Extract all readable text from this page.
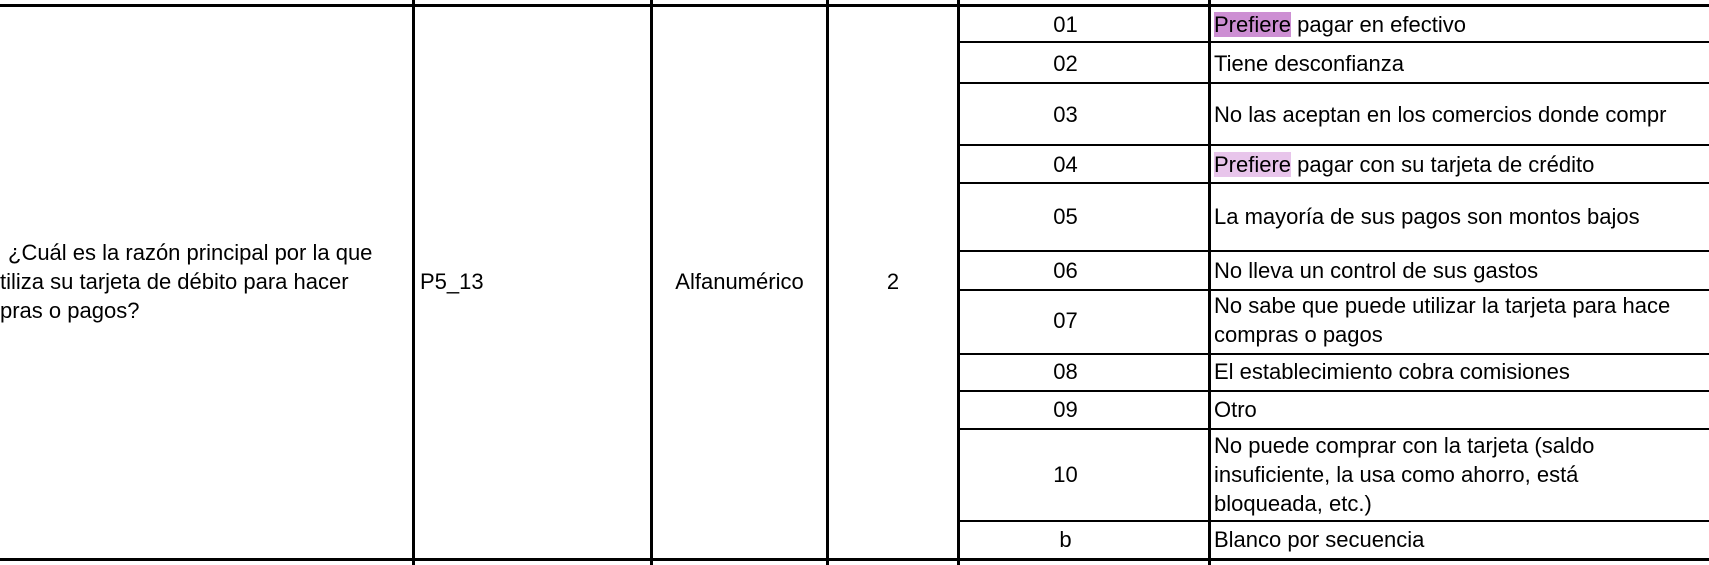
¿Cuál es la razón principal por la que
tiliza su tarjeta de débito para hacer
pras o pagos?
P5_13	Alfanumérico	2
01
02
03
04
05
06
07
08
09
10
b
Prefiere pagar en efectivo
Tiene desconfianza
No las aceptan en los comercios donde compr
Prefiere pagar con su tarjeta de crédito
La mayoría de sus pagos son montos bajos
No lleva un control de sus gastos
No sabe que puede utilizar la tarjeta para hace
compras o pagos
El establecimiento cobra comisiones
Otro
No puede comprar con la tarjeta (saldo
insuficiente, la usa como ahorro, está
bloqueada, etc.)
Blanco por secuencia
